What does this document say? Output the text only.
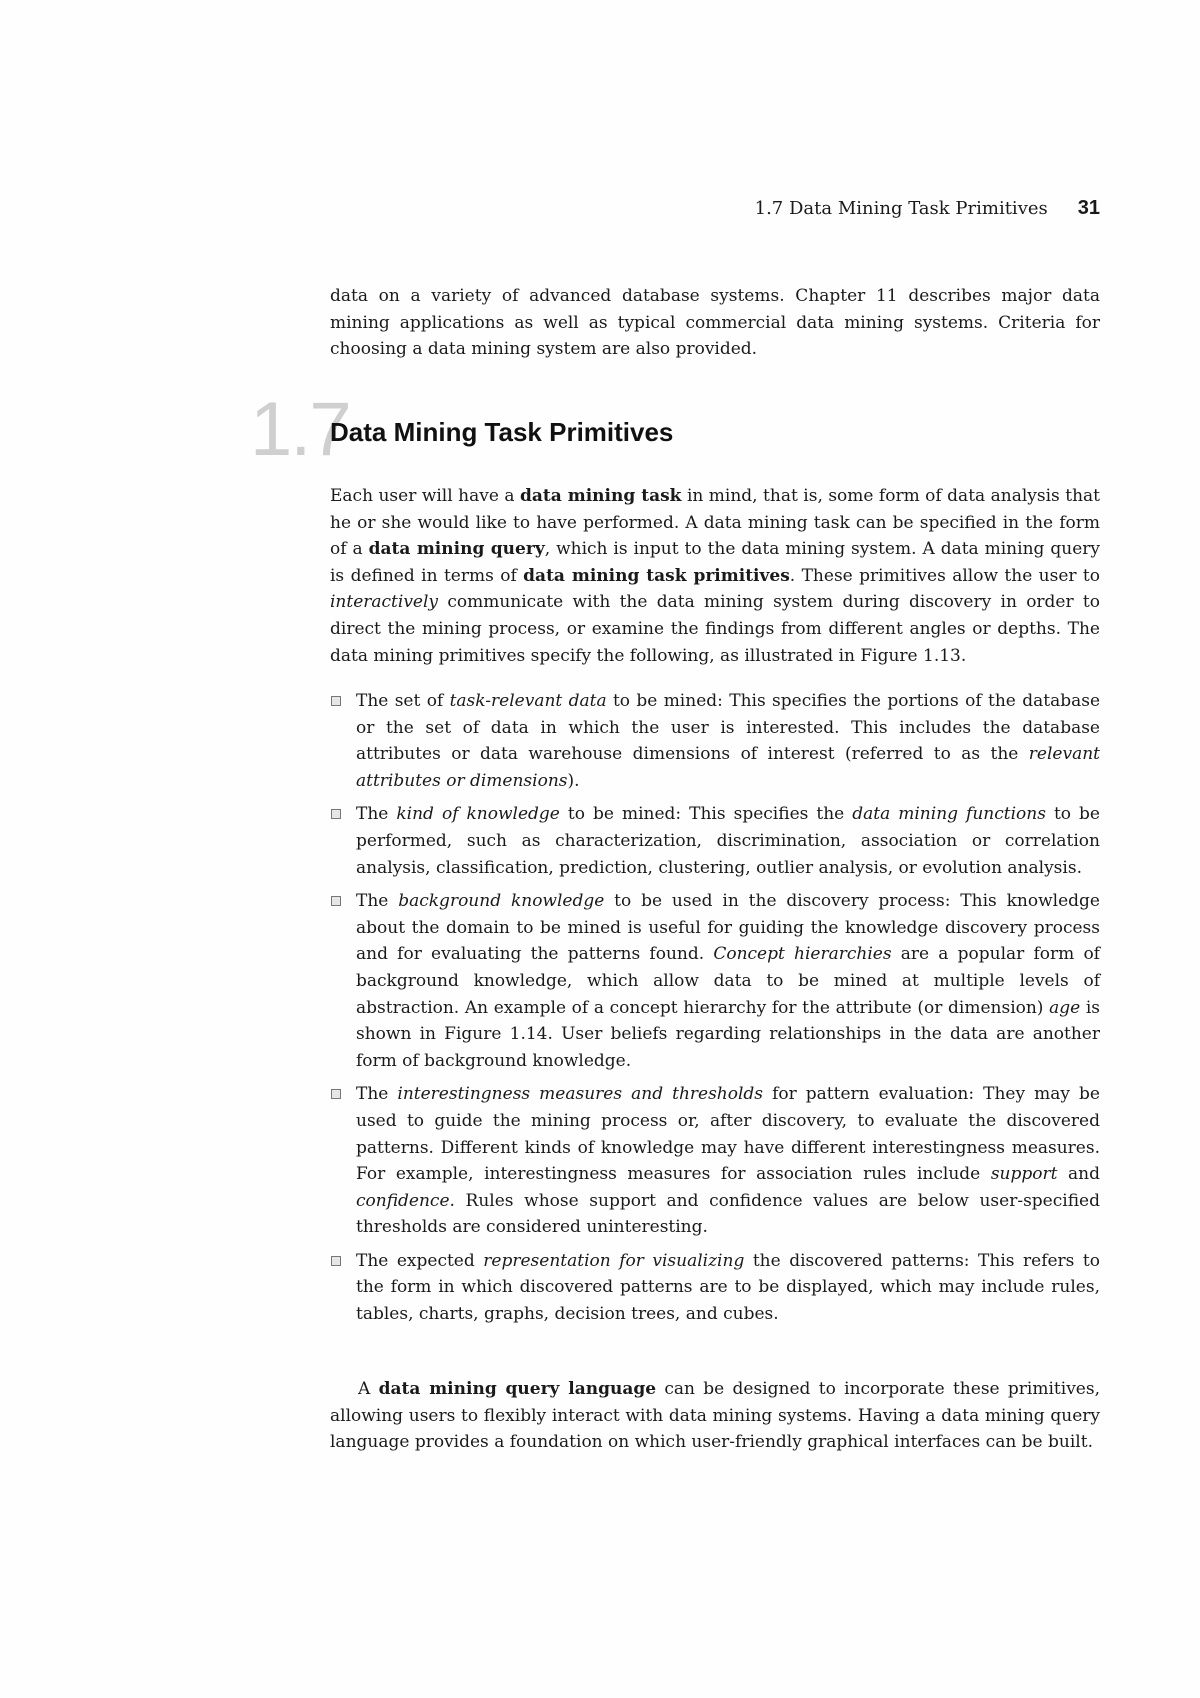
1.7 Data Mining Task Primitives 31

data on a variety of advanced database systems. Chapter 11 describes major data mining applications as well as typical commercial data mining systems. Criteria for choosing a data mining system are also provided.

1.7
Data Mining Task Primitives

Each user will have a data mining task in mind, that is, some form of data analysis that he or she would like to have performed. A data mining task can be specified in the form of a data mining query, which is input to the data mining system. A data mining query is defined in terms of data mining task primitives. These primitives allow the user to interactively communicate with the data mining system during discovery in order to direct the mining process, or examine the findings from different angles or depths. The data mining primitives specify the following, as illustrated in Figure 1.13.

The set of task-relevant data to be mined: This specifies the portions of the database or the set of data in which the user is interested. This includes the database attributes or data warehouse dimensions of interest (referred to as the relevant attributes or dimensions).
The kind of knowledge to be mined: This specifies the data mining functions to be performed, such as characterization, discrimination, association or correlation analysis, classification, prediction, clustering, outlier analysis, or evolution analysis.
The background knowledge to be used in the discovery process: This knowledge about the domain to be mined is useful for guiding the knowledge discovery process and for evaluating the patterns found. Concept hierarchies are a popular form of background knowledge, which allow data to be mined at multiple levels of abstraction. An example of a concept hierarchy for the attribute (or dimension) age is shown in Figure 1.14. User beliefs regarding relationships in the data are another form of background knowledge.
The interestingness measures and thresholds for pattern evaluation: They may be used to guide the mining process or, after discovery, to evaluate the discovered patterns. Different kinds of knowledge may have different interestingness measures. For example, interestingness measures for association rules include support and confidence. Rules whose support and confidence values are below user-specified thresholds are considered uninteresting.
The expected representation for visualizing the discovered patterns: This refers to the form in which discovered patterns are to be displayed, which may include rules, tables, charts, graphs, decision trees, and cubes.

A data mining query language can be designed to incorporate these primitives, allowing users to flexibly interact with data mining systems. Having a data mining query language provides a foundation on which user-friendly graphical interfaces can be built.
